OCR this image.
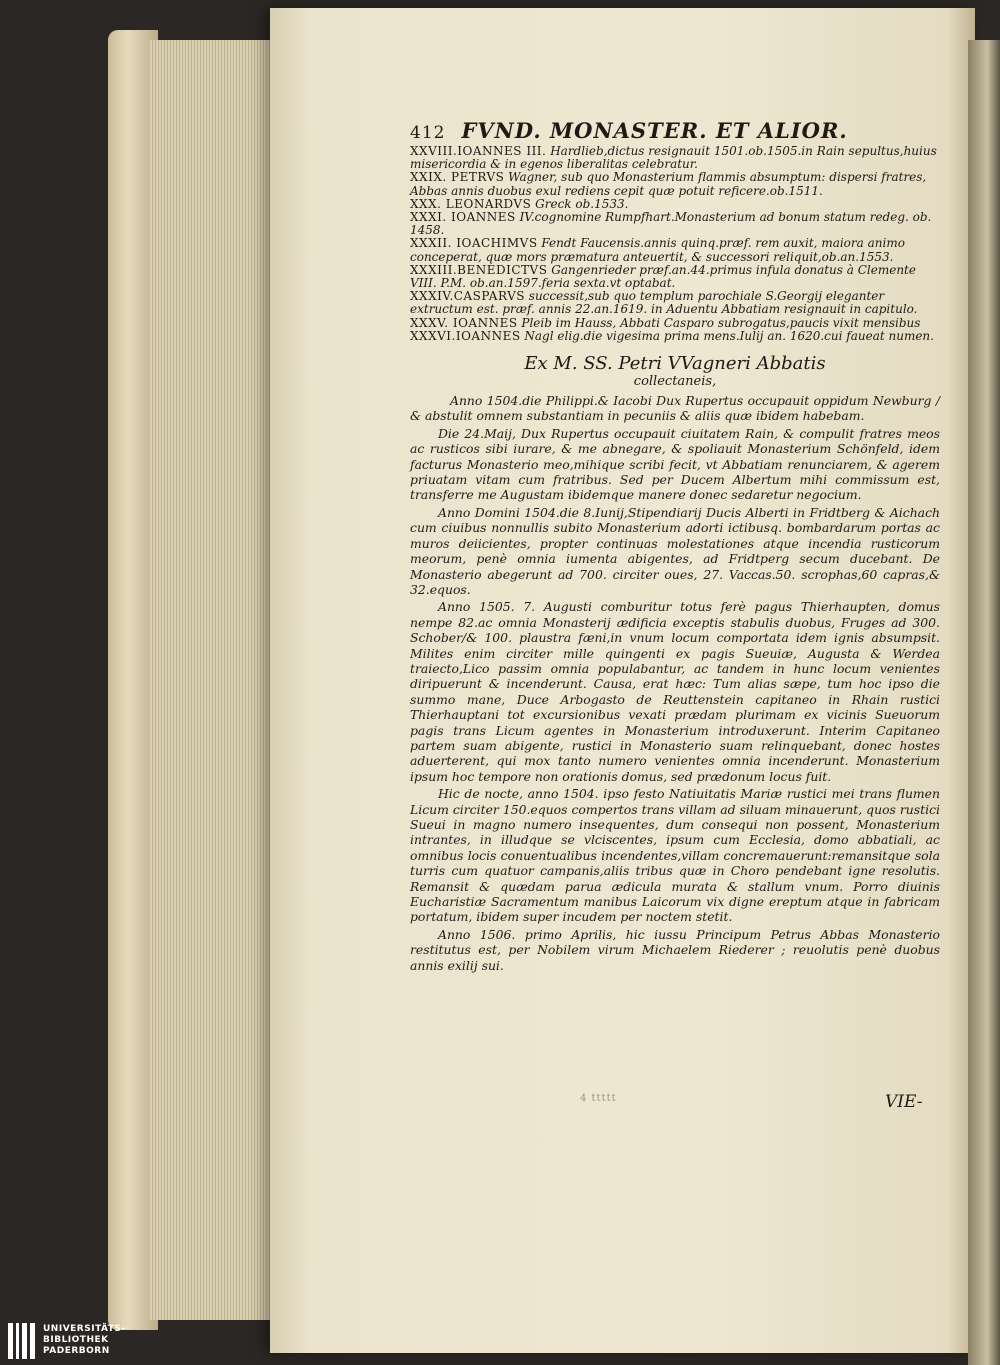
412 FVND. MONASTER. ET ALIOR.

XXVIII.IOANNES III. Hardlieb,dictus resignauit 1501.ob.1505.in Rain sepultus,huius misericordia & in egenos liberalitas celebratur.

XXIX. PETRVS Wagner, sub quo Monasterium flammis absumptum: dispersi fratres, Abbas annis duobus exul rediens cepit quæ potuit reficere.ob.1511.

XXX. LEONARDVS Greck ob.1533.

XXXI. IOANNES IV.cognomine Rumpfhart.Monasterium ad bonum statum redeg. ob. 1458.

XXXII. IOACHIMVS Fendt Faucensis.annis quinq.præf. rem auxit, maiora animo conceperat, quæ mors præmatura anteuertit, & successori reliquit,ob.an.1553.

XXXIII.BENEDICTVS Gangenrieder præf.an.44.primus infula donatus à Clemente VIII. P.M. ob.an.1597.feria sexta.vt optabat.

XXXIV.CASPARVS successit,sub quo templum parochiale S.Georgij eleganter extructum est. præf. annis 22.an.1619. in Aduentu Abbatiam resignauit in capitulo.

XXXV. IOANNES Pleib im Hauss, Abbati Casparo subrogatus,paucis vixit mensibus

XXXVI.IOANNES Nagl elig.die vigesima prima mens.Iulij an. 1620.cui faueat numen.

Ex M. SS. Petri VVagneri Abbatis

collectaneis,

Anno 1504.die Philippi.& Iacobi Dux Rupertus occupauit oppidum Newburg / & abstulit omnem substantiam in pecuniis & aliis quæ ibidem habebam.

Die 24.Maij, Dux Rupertus occupauit ciuitatem Rain, & compulit fratres meos ac rusticos sibi iurare, & me abnegare, & spoliauit Monasterium Schönfeld, idem facturus Monasterio meo,mihique scribi fecit, vt Abbatiam renunciarem, & agerem priuatam vitam cum fratribus. Sed per Ducem Albertum mihi commissum est, transferre me Augustam ibidemque manere donec sedaretur negocium.

Anno Domini 1504.die 8.Iunij,Stipendiarij Ducis Alberti in Fridtberg & Aichach cum ciuibus nonnullis subito Monasterium adorti ictibusq. bombardarum portas ac muros deiicientes, propter continuas molestationes atque incendia rusticorum meorum, penè omnia iumenta abigentes, ad Fridtperg secum ducebant. De Monasterio abegerunt ad 700. circiter oues, 27. Vaccas.50. scrophas,60 capras,& 32.equos.

Anno 1505. 7. Augusti comburitur totus ferè pagus Thierhaupten, domus nempe 82.ac omnia Monasterij ædificia exceptis stabulis duobus, Fruges ad 300. Schober/& 100. plaustra fæni,in vnum locum comportata idem ignis absumpsit. Milites enim circiter mille quingenti ex pagis Sueuiæ, Augusta & Werdea traiecto,Lico passim omnia populabantur, ac tandem in hunc locum venientes diripuerunt & incenderunt. Causa, erat hæc: Tum alias sæpe, tum hoc ipso die summo mane, Duce Arbogasto de Reuttenstein capitaneo in Rhain rustici Thierhauptani tot excursionibus vexati prædam plurimam ex vicinis Sueuorum pagis trans Licum agentes in Monasterium introduxerunt. Interim Capitaneo partem suam abigente, rustici in Monasterio suam relinquebant, donec hostes aduerterent, qui mox tanto numero venientes omnia incenderunt. Monasterium ipsum hoc tempore non orationis domus, sed prædonum locus fuit.

Hic de nocte, anno 1504. ipso festo Natiuitatis Mariæ rustici mei trans flumen Licum circiter 150.equos compertos trans villam ad siluam minauerunt, quos rustici Sueui in magno numero insequentes, dum consequi non possent, Monasterium intrantes, in illudque se vlciscentes, ipsum cum Ecclesia, domo abbatiali, ac omnibus locis conuentualibus incendentes,villam concremauerunt:remansitque sola turris cum quatuor campanis,aliis tribus quæ in Choro pendebant igne resolutis. Remansit & quædam parua ædicula murata & stallum vnum. Porro diuinis Eucharistiæ Sacramentum manibus Laicorum vix digne ereptum atque in fabricam portatum, ibidem super incudem per noctem stetit.

Anno 1506. primo Aprilis, hic iussu Principum Petrus Abbas Monasterio restitutus est, per Nobilem virum Michaelem Riederer ; reuolutis penè duobus annis exilij sui.

4 ttttt	VIE-
UNIVERSITÄTS-
BIBLIOTHEK
PADERBORN
